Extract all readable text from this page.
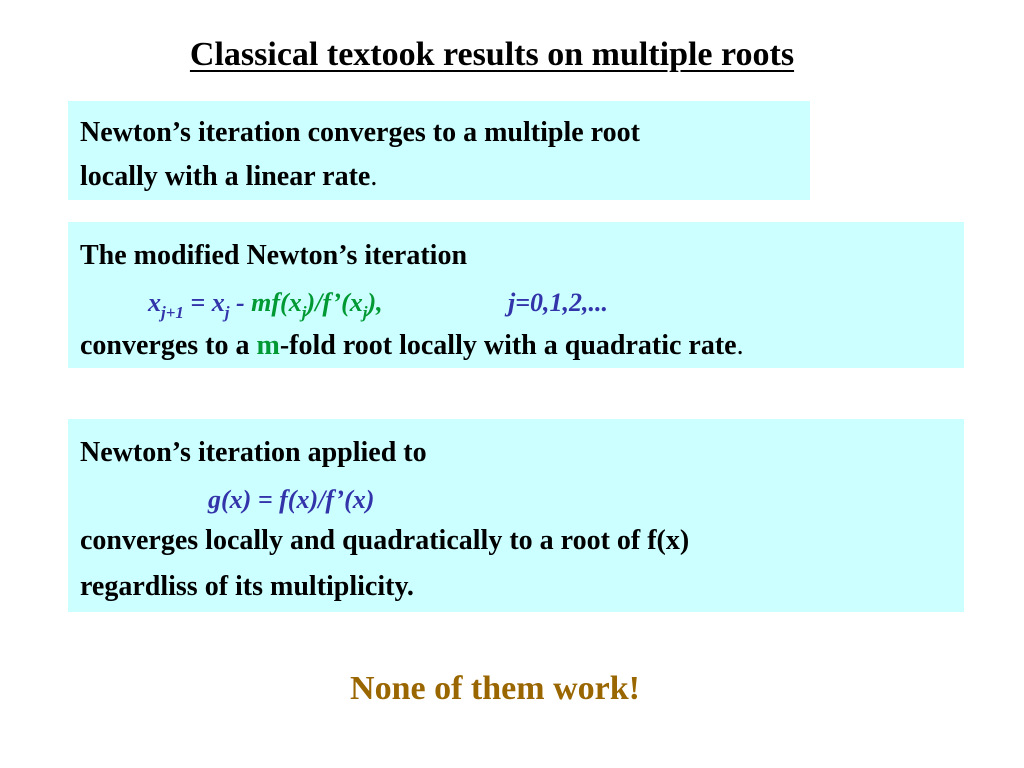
Classical textook results on multiple roots
Newton’s iteration converges to a multiple root
locally with a linear rate.
The modified Newton’s iteration
$x_{j+1} = x_j$ - $mf(x_j)/f’(x_j)$,	j=0,1,2,...
converges to a m-fold root locally with a quadratic rate.
Newton’s iteration applied to
g(x) = f(x)/f’(x)
converges locally and quadratically to a root of f(x)
regardliss of its multiplicity.
None of them work!
